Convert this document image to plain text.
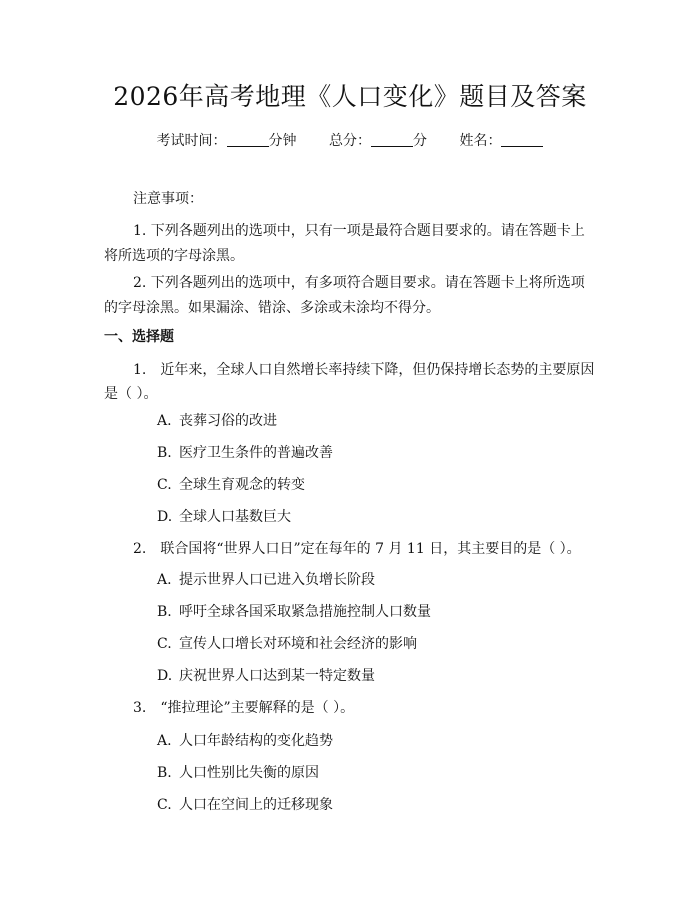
2026年高考地理《人口变化》题目及答案
考试时间：	分钟 总分：	分 姓名：
注意事项：
1. 下列各题列出的选项中，只有一项是最符合题目要求的。请在答题卡上将所选项的字母涂黑。
2. 下列各题列出的选项中，有多项符合题目要求。请在答题卡上将所选项的字母涂黑。如果漏涂、错涂、多涂或未涂均不得分。
一、选择题
1.　近年来，全球人口自然增长率持续下降，但仍保持增长态势的主要原因是（ ）。
A. 丧葬习俗的改进
B. 医疗卫生条件的普遍改善
C. 全球生育观念的转变
D. 全球人口基数巨大
2.　联合国将“世界人口日”定在每年的 7 月 11 日，其主要目的是（ ）。
A. 提示世界人口已进入负增长阶段
B. 呼吁全球各国采取紧急措施控制人口数量
C. 宣传人口增长对环境和社会经济的影响
D. 庆祝世界人口达到某一特定数量
3.　“推拉理论”主要解释的是（ ）。
A. 人口年龄结构的变化趋势
B. 人口性别比失衡的原因
C. 人口在空间上的迁移现象
